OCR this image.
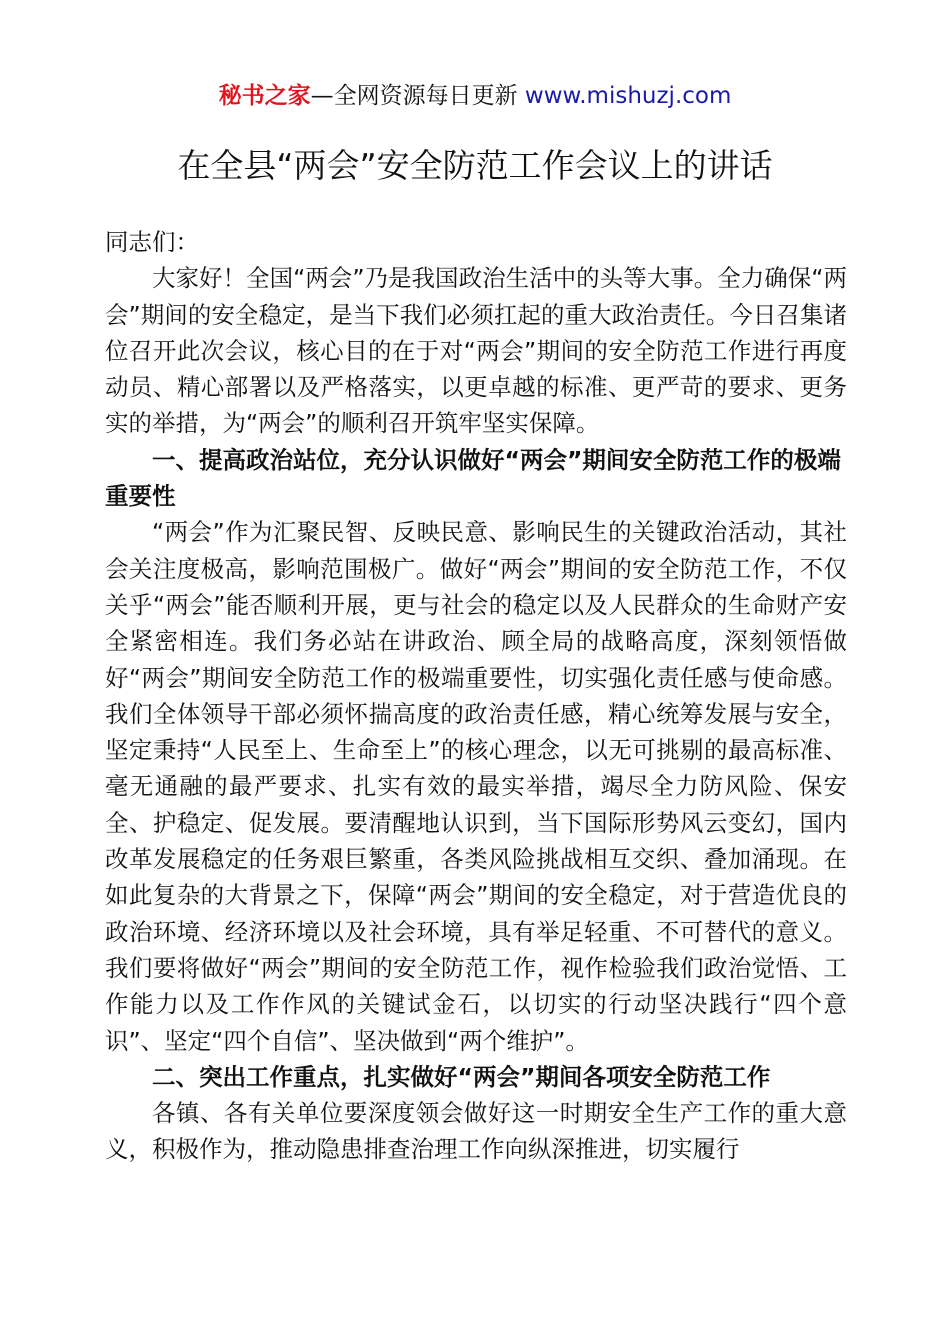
秘书之家—全网资源每日更新 www.mishuzj.com
在全县“两会”安全防范工作会议上的讲话

同志们：

大家好！全国“两会”乃是我国政治生活中的头等大事。全力确保“两会”期间的安全稳定，是当下我们必须扛起的重大政治责任。今日召集诸位召开此次会议，核心目的在于对“两会”期间的安全防范工作进行再度动员、精心部署以及严格落实，以更卓越的标准、更严苛的要求、更务实的举措，为“两会”的顺利召开筑牢坚实保障。

一、提高政治站位，充分认识做好“两会”期间安全防范工作的极端重要性

“两会”作为汇聚民智、反映民意、影响民生的关键政治活动，其社会关注度极高，影响范围极广。做好“两会”期间的安全防范工作，不仅关乎“两会”能否顺利开展，更与社会的稳定以及人民群众的生命财产安全紧密相连。我们务必站在讲政治、顾全局的战略高度，深刻领悟做好“两会”期间安全防范工作的极端重要性，切实强化责任感与使命感。我们全体领导干部必须怀揣高度的政治责任感，精心统筹发展与安全，坚定秉持“人民至上、生命至上”的核心理念，以无可挑剔的最高标准、毫无通融的最严要求、扎实有效的最实举措，竭尽全力防风险、保安全、护稳定、促发展。要清醒地认识到，当下国际形势风云变幻，国内改革发展稳定的任务艰巨繁重，各类风险挑战相互交织、叠加涌现。在如此复杂的大背景之下，保障“两会”期间的安全稳定，对于营造优良的政治环境、经济环境以及社会环境，具有举足轻重、不可替代的意义。我们要将做好“两会”期间的安全防范工作，视作检验我们政治觉悟、工作能力以及工作作风的关键试金石，以切实的行动坚决践行“四个意识”、坚定“四个自信”、坚决做到“两个维护”。

二、突出工作重点，扎实做好“两会”期间各项安全防范工作

各镇、各有关单位要深度领会做好这一时期安全生产工作的重大意义，积极作为，推动隐患排查治理工作向纵深推进，切实履行
